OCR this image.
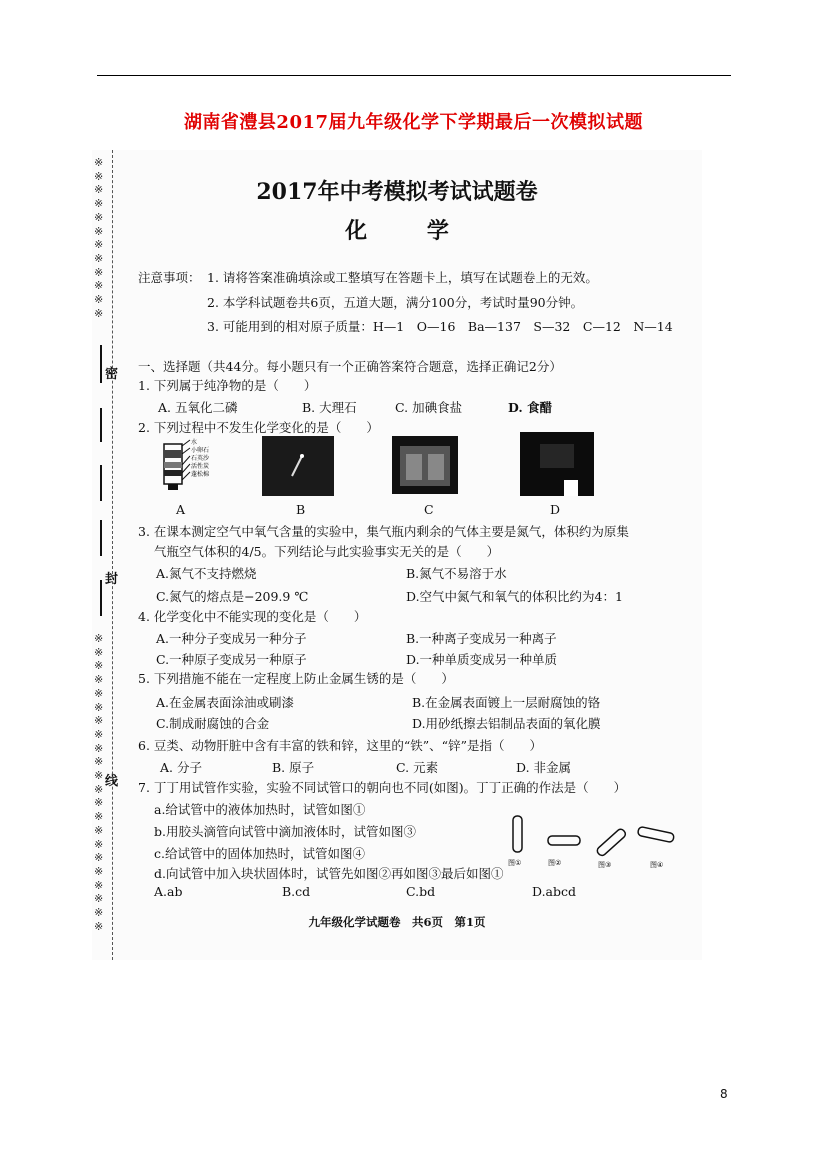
湖南省澧县2017届九年级化学下学期最后一次模拟试题
※
※
※
※
※
※
※
※
※
※
※
※
密
封
线
※
※
※
※
※
※
※
※
※
※
※
※
※
※
※
※
※
※
※
※
※
※
2017年中考模拟考试试题卷
化 学
注意事项： 1. 请将答案准确填涂或工整填写在答题卡上，填写在试题卷上的无效。
2. 本学科试题卷共6页，五道大题，满分100分，考试时量90分钟。
3. 可能用到的相对原子质量：H—1　O—16　Ba—137　S—32　C—12　N—14
一、选择题（共44分。每小题只有一个正确答案符合题意，选择正确记2分）
1. 下列属于纯净物的是（　　）
A. 五氧化二磷	B. 大理石	C. 加碘食盐	D. 食醋
2. 下列过程中不发生化学变化的是（　　）
水
小卵石
石英沙
活性炭
蓬松棉
A	B	C	D
3. 在课本测定空气中氧气含量的实验中，集气瓶内剩余的气体主要是氮气，体积约为原集
气瓶空气体积的4/5。下列结论与此实验事实无关的是（　　）
A.氮气不支持燃烧	B.氮气不易溶于水
C.氮气的熔点是−209.9 ℃	D.空气中氮气和氧气的体积比约为4：1
4. 化学变化中不能实现的变化是（　　）
A.一种分子变成另一种分子	B.一种离子变成另一种离子
C.一种原子变成另一种原子	D.一种单质变成另一种单质
5. 下列措施不能在一定程度上防止金属生锈的是（　　）
A.在金属表面涂油或刷漆	B.在金属表面镀上一层耐腐蚀的铬
C.制成耐腐蚀的合金	D.用砂纸擦去铝制品表面的氧化膜
6. 豆类、动物肝脏中含有丰富的铁和锌，这里的“铁”、“锌”是指（　　）
A. 分子	B. 原子	C. 元素	D. 非金属
7. 丁丁用试管作实验，实验不同试管口的朝向也不同(如图)。丁丁正确的作法是（　　）
a.给试管中的液体加热时，试管如图①
b.用胶头滴管向试管中滴加液体时，试管如图③
c.给试管中的固体加热时，试管如图④
d.向试管中加入块状固体时，试管先如图②再如图③最后如图①
A.ab	B.cd	C.bd	D.abcd
图①	图②	图③	图④
九年级化学试题卷　共6页　第1页
8
